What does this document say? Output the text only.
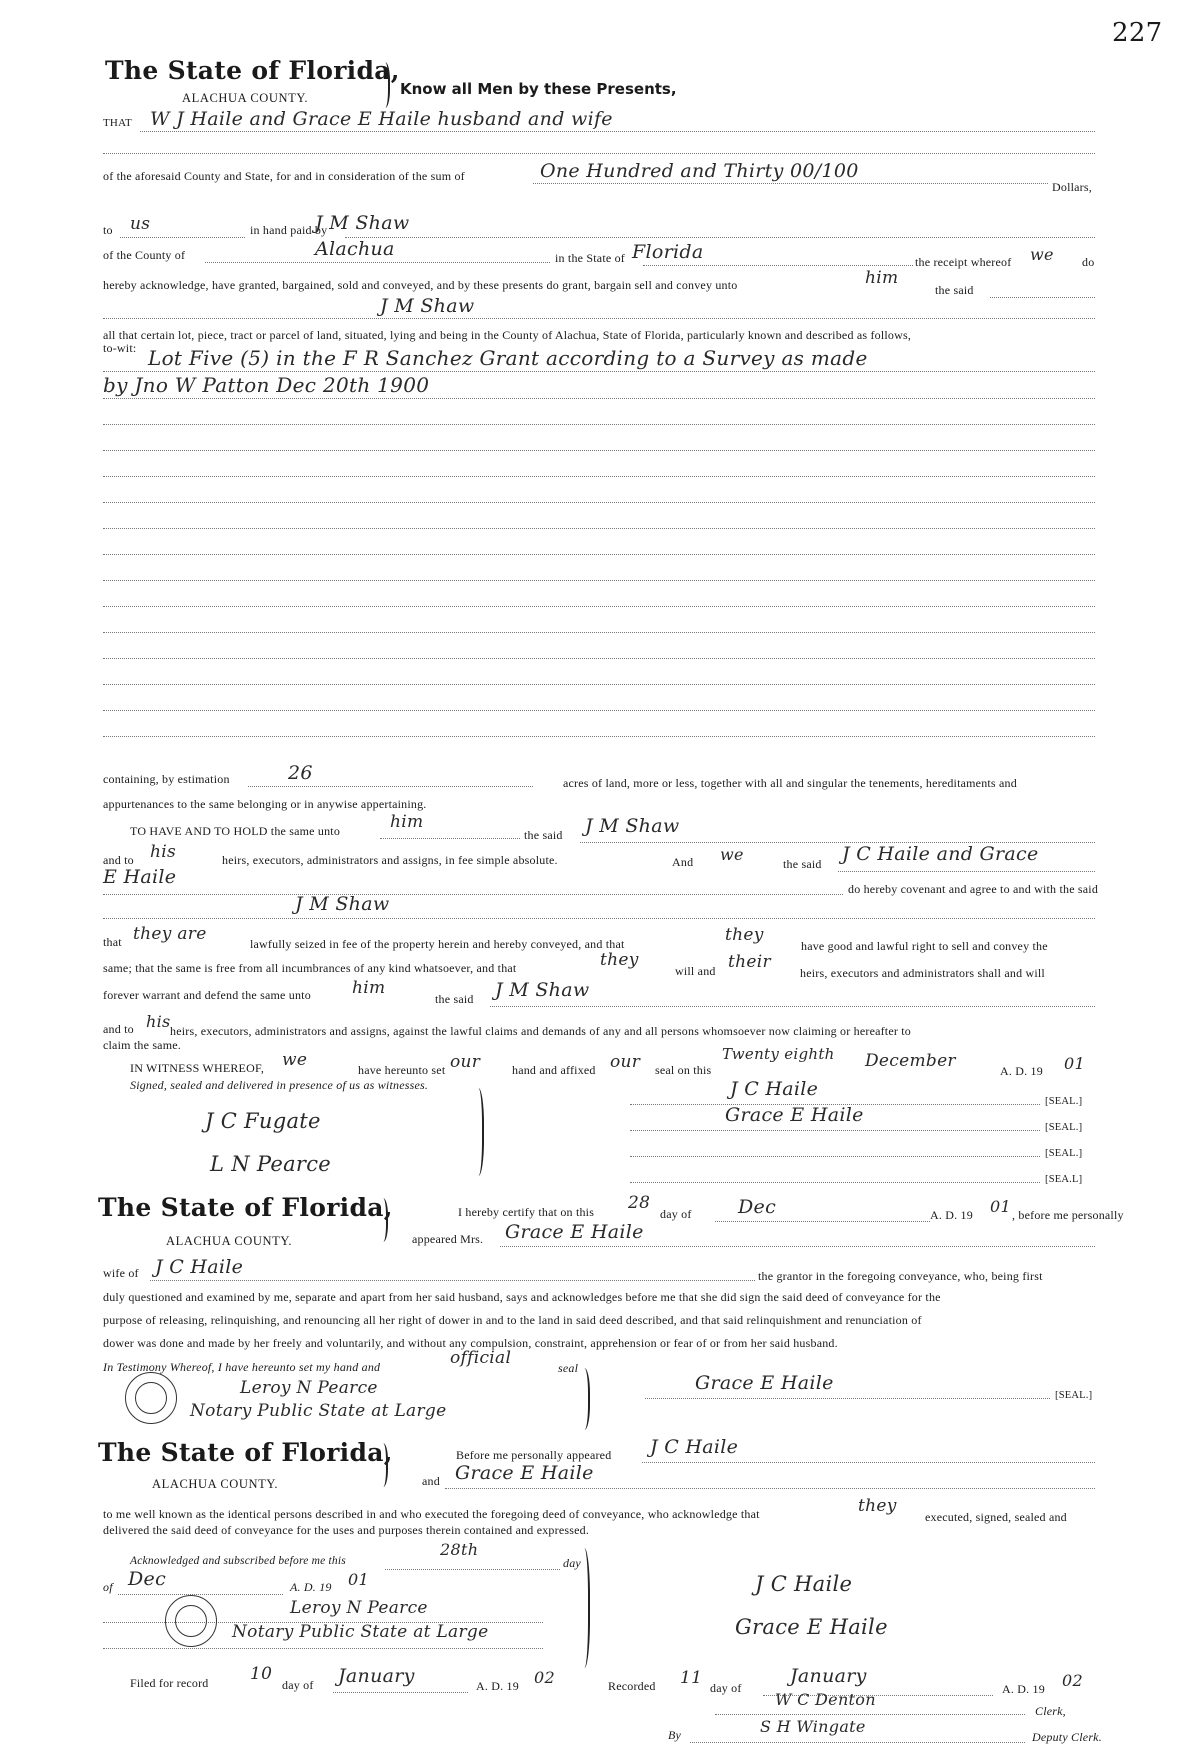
227
The State of Florida,
Know all Men by these Presents,
ALACHUA COUNTY.
THAT W J Haile and Grace E Haile husband and wife
of the aforesaid County and State, for and in consideration of the sum of	One Hundred and Thirty 00/100
Dollars,
to us	in hand paid by
J M Shaw
of the County of	Alachua	in the State of Florida	the receipt whereof we do
hereby acknowledge, have granted, bargained, sold and conveyed, and by these presents do grant, bargain sell and convey unto	him
the said
J M Shaw
all that certain lot, piece, tract or parcel of land, situated, lying and being in the County of Alachua, State of Florida, particularly known and described as follows,
to-wit: Lot Five (5) in the F R Sanchez Grant according to a Survey as made
by Jno W Patton Dec 20th 1900
containing, by estimation	26	acres of land, more or less, together with all and singular the tenements, hereditaments and
appurtenances to the same belonging or in anywise appertaining.
TO HAVE AND TO HOLD the same unto	him
the said J M Shaw
and to his	heirs, executors, administrators and assigns, in fee simple absolute.	And we	the said J C Haile and Grace
E Haile
do hereby covenant and agree to and with the said
J M Shaw
that they are	lawfully seized in fee of the property herein and hereby conveyed, and that	they
have good and lawful right to sell and convey the
same; that the same is free from all incumbrances of any kind whatsoever, and that	they
will and their
heirs, executors and administrators shall and will
forever warrant and defend the same unto him
the said J M Shaw
and to his heirs, executors, administrators and assigns, against the lawful claims and demands of any and all persons whomsoever now claiming or hereafter to
claim the same.
IN WITNESS WHEREOF, we	have hereunto set our	hand and affixed our seal on this
Twenty eighth December	A. D. 19 01
Signed, sealed and delivered in presence of us as witnesses.
J C Fugate
L N Pearce
J C Haile
Grace E Haile
[SEAL.]
[SEAL.]
[SEAL.]
[SEA.L]
The State of Florida,
ALACHUA COUNTY.
I hereby certify that on this 28
day of Dec	A. D. 19 01 , before me personally
appeared Mrs. Grace E Haile
wife of J C Haile	the grantor in the foregoing conveyance, who, being first
duly questioned and examined by me, separate and apart from her said husband, says and acknowledges before me that she did sign the said deed of conveyance for the
purpose of releasing, relinquishing, and renouncing all her right of dower in and to the land in said deed described, and that said relinquishment and renunciation of
dower was done and made by her freely and voluntarily, and without any compulsion, constraint, apprehension or fear of or from her said husband.
In Testimony Whereof, I have hereunto set my hand and	official	seal
Leroy N Pearce
Notary Public State at Large
Grace E Haile
[SEAL.]
The State of Florida,
ALACHUA COUNTY.
Before me personally appeared J C Haile
and Grace E Haile
to me well known as the identical persons described in and who executed the foregoing deed of conveyance, who acknowledge that	they
executed, signed, sealed and
delivered the said deed of conveyance for the uses and purposes therein contained and expressed.
Acknowledged and subscribed before me this
28th
day
of Dec	A. D. 19 01
Leroy N Pearce
Notary Public State at Large
J C Haile
Grace E Haile
Filed for record 10
day of January	A. D. 19 02	Recorded 11 day of
January
A. D. 19 02
W C Denton
Clerk,
By	S H Wingate
Deputy Clerk.
